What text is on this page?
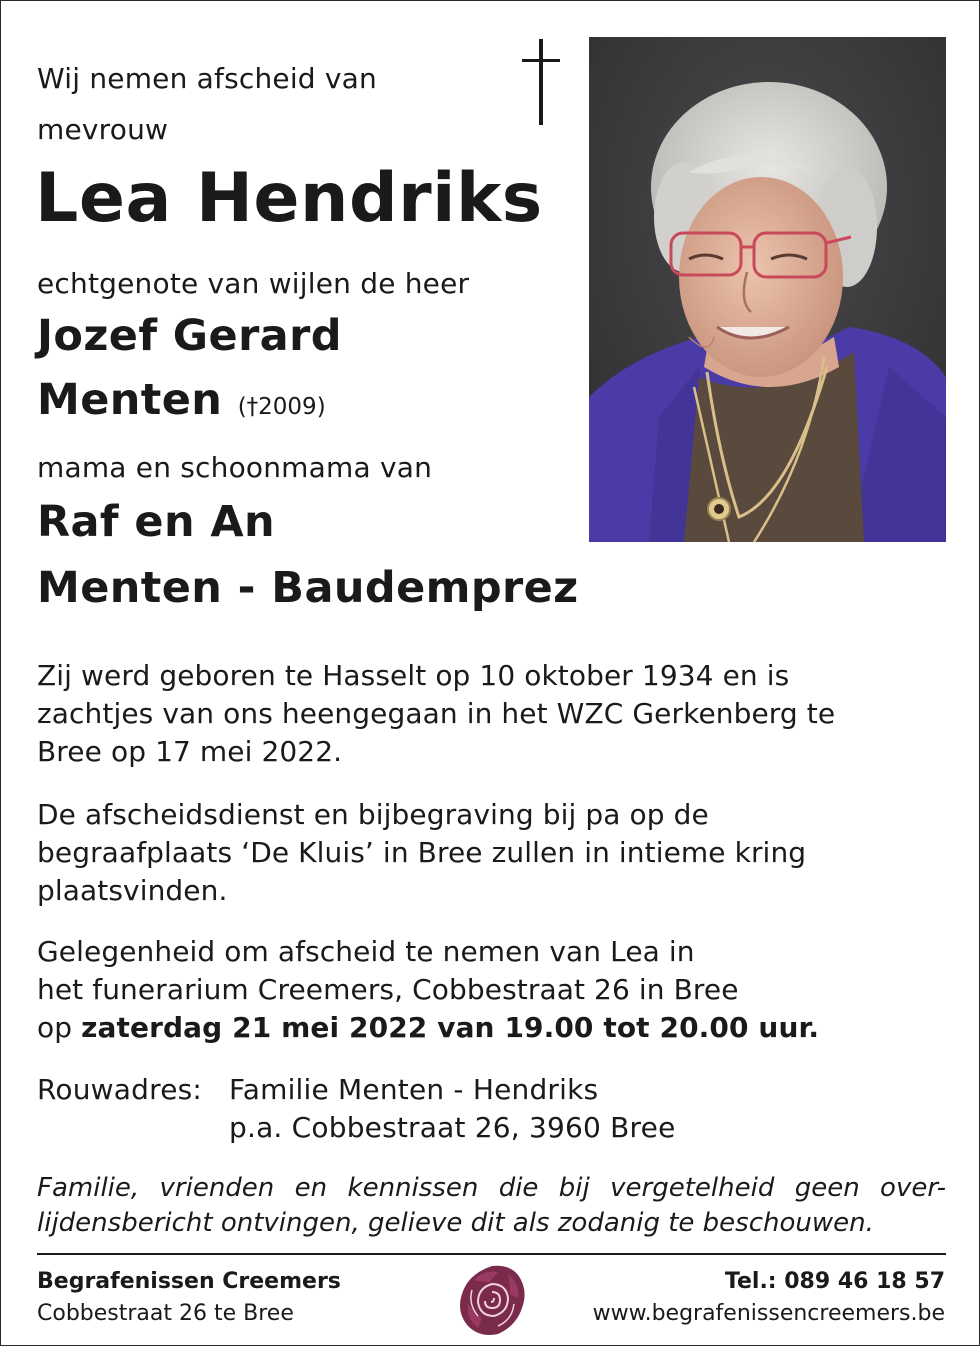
Wij nemen afscheid van
mevrouw
Lea Hendriks
echtgenote van wijlen de heer
Jozef Gerard
Menten (†2009)
mama en schoonmama van
Raf en An
Menten - Baudemprez
Zij werd geboren te Hasselt op 10 oktober 1934 en is
zachtjes van ons heengegaan in het WZC Gerkenberg te
Bree op 17 mei 2022.
De afscheidsdienst en bijbegraving bij pa op de
begraafplaats ‘De Kluis’ in Bree zullen in intieme kring
plaatsvinden.
Gelegenheid om afscheid te nemen van Lea in
het funerarium Creemers, Cobbestraat 26 in Bree
op zaterdag 21 mei 2022 van 19.00 tot 20.00 uur.
Rouwadres: Familie Menten - Hendriks
p.a. Cobbestraat 26, 3960 Bree
Familie, vrienden en kennissen die bij vergetelheid geen over-
lijdensbericht ontvingen, gelieve dit als zodanig te beschouwen.
Begrafenissen Creemers
Cobbestraat 26 te Bree
Tel.: 089 46 18 57
www.begrafenissencreemers.be
